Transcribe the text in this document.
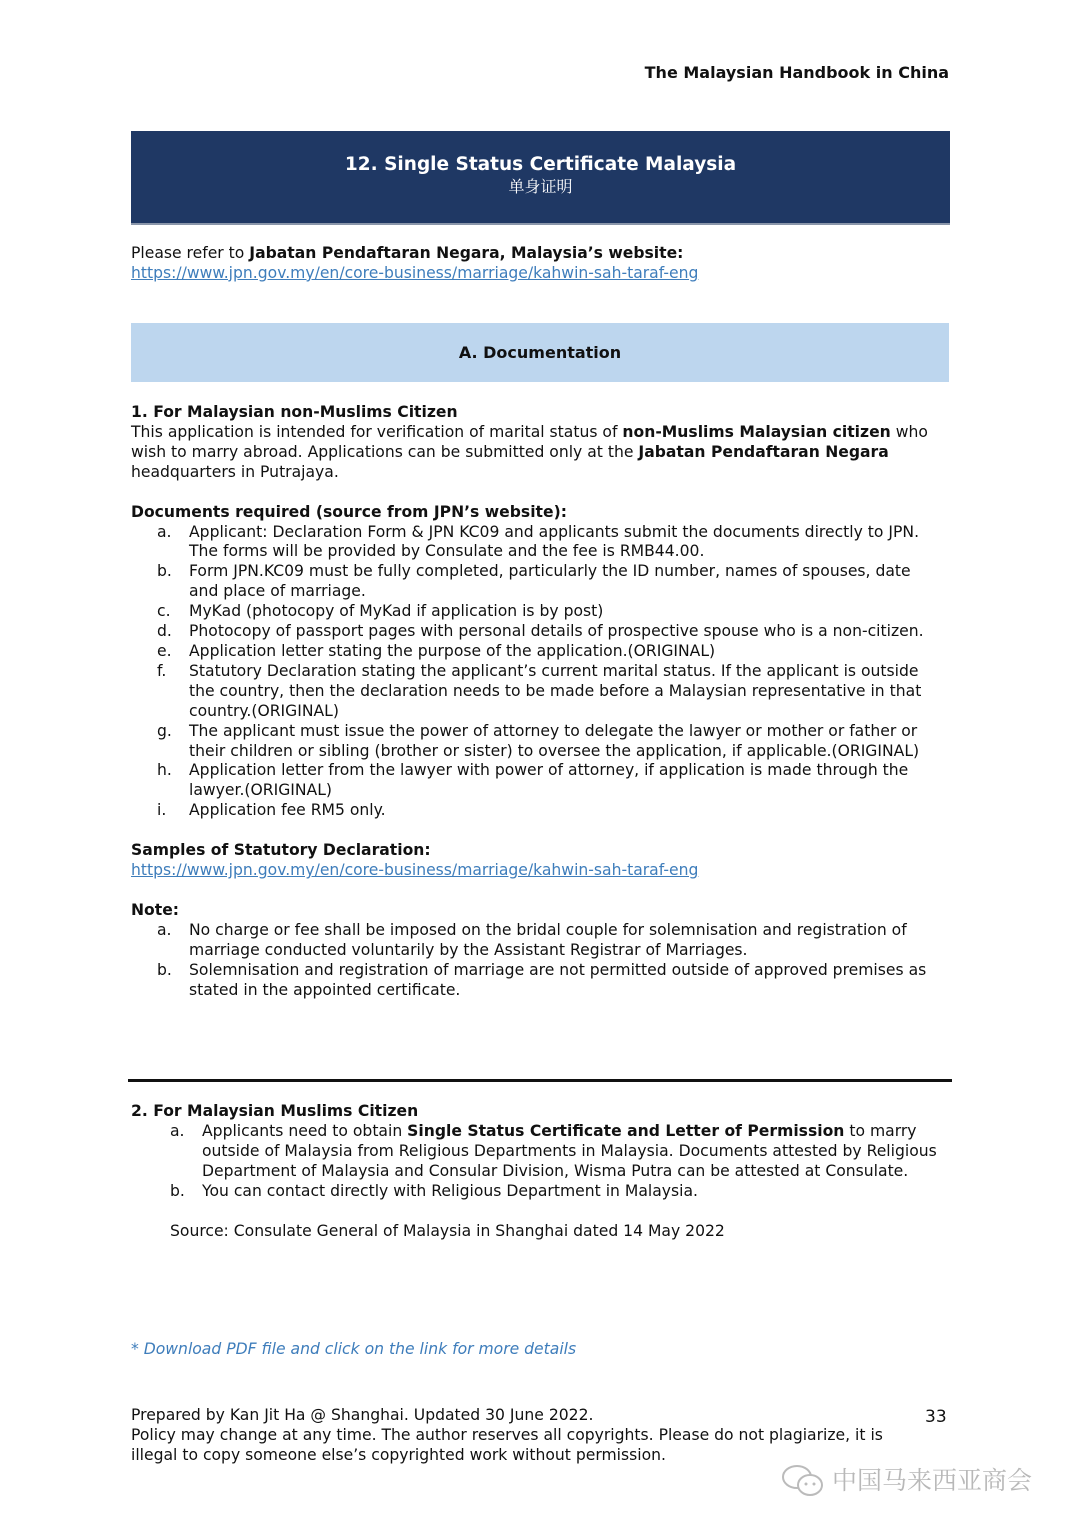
The Malaysian Handbook in China
12. Single Status Certificate Malaysia
单身证明
Please refer to Jabatan Pendaftaran Negara, Malaysia’s website:
https://www.jpn.gov.my/en/core-business/marriage/kahwin-sah-taraf-eng
A. Documentation
1. For Malaysian non-Muslims Citizen
This application is intended for verification of marital status of non-Muslims Malaysian citizen who wish to marry abroad. Applications can be submitted only at the Jabatan Pendaftaran Negara headquarters in Putrajaya.
Documents required (source from JPN’s website):
a. Applicant: Declaration Form & JPN KC09 and applicants submit the documents directly to JPN. The forms will be provided by Consulate and the fee is RMB44.00.
b. Form JPN.KC09 must be fully completed, particularly the ID number, names of spouses, date and place of marriage.
c. MyKad (photocopy of MyKad if application is by post)
d. Photocopy of passport pages with personal details of prospective spouse who is a non-citizen.
e. Application letter stating the purpose of the application.(ORIGINAL)
f. Statutory Declaration stating the applicant’s current marital status. If the applicant is outside the country, then the declaration needs to be made before a Malaysian representative in that country.(ORIGINAL)
g. The applicant must issue the power of attorney to delegate the lawyer or mother or father or their children or sibling (brother or sister) to oversee the application, if applicable.(ORIGINAL)
h. Application letter from the lawyer with power of attorney, if application is made through the lawyer.(ORIGINAL)
i. Application fee RM5 only.
Samples of Statutory Declaration:
https://www.jpn.gov.my/en/core-business/marriage/kahwin-sah-taraf-eng
Note:
a. No charge or fee shall be imposed on the bridal couple for solemnisation and registration of marriage conducted voluntarily by the Assistant Registrar of Marriages.
b. Solemnisation and registration of marriage are not permitted outside of approved premises as stated in the appointed certificate.
2. For Malaysian Muslims Citizen
a. Applicants need to obtain Single Status Certificate and Letter of Permission to marry outside of Malaysia from Religious Departments in Malaysia. Documents attested by Religious Department of Malaysia and Consular Division, Wisma Putra can be attested at Consulate.
b. You can contact directly with Religious Department in Malaysia.
Source: Consulate General of Malaysia in Shanghai dated 14 May 2022
* Download PDF file and click on the link for more details
Prepared by Kan Jit Ha @ Shanghai. Updated 30 June 2022.
Policy may change at any time. The author reserves all copyrights. Please do not plagiarize, it is illegal to copy someone else’s copyrighted work without permission.
33
中国马来西亚商会
